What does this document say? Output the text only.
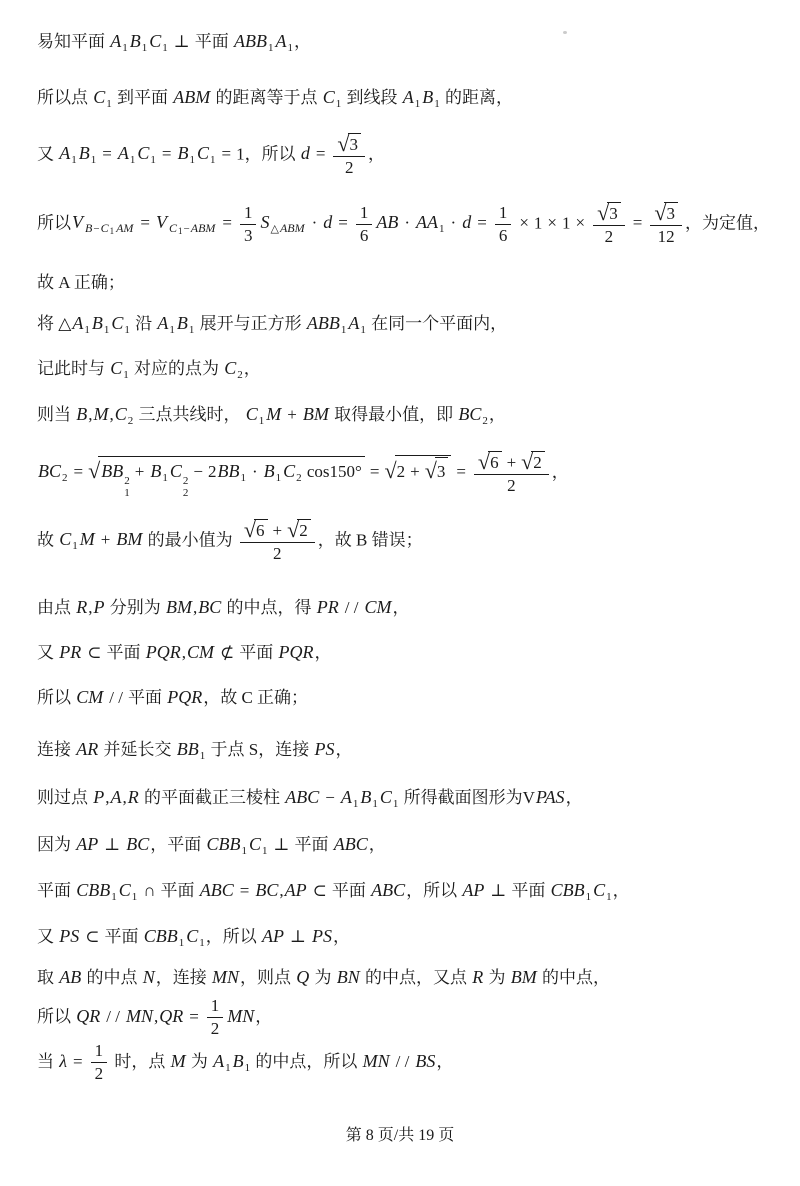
易知平面 $A_1$ $B_1$ $C_1$ ⊥ 平面 $ABB_1$ $A_1$，
所以点 $C_1$ 到平面 ABM 的距离等于点 $C_1$ 到线段 $A_1$ $B_1$ 的距离，
又 $A_1$ $B_1 = A_1$ $C_1 = B_1$ $C_1 = 1$，所以 $d = \frac{√3}{2}$ ，
所以V $_{B-C1 AM}$ = V $_{C1-ABM} = \frac{1}{3} S_{\triangle ABM} \cdot d = \frac{1}{6}$ AB · $AA_1 \cdot d = \frac{1}{6} \times 1 \times 1 \times \frac{√3}{2} = \frac{√3}{12}$ ，为定值，
故 A 正确；
将 $\triangle A_1$ $B_1$ $C_1$ 沿 $A_1$ $B_1$ 展开与正方形 $ABB_1$ $A_1$ 在同一个平面内，
记此时与 $C_1$ 对应的点为 $C_2$，
则当 $B,M,C_2$ 三点共线时， $C_1$ M + BM 取得最小值，即 $BC_2$，
$BC_2 = √BB$ 2
1
+ $B_1$ C 2
2
− $2BB_1 \cdot B_1$ $C_2$ $\cos 150^\circ = √2 + √3 = \frac{√6 + √2}{2}$ ，
故 $C_1$ M + BM 的最小值为 $\frac{√6 + √2}{2}$ ，故 B 错误；
由点 R,P 分别为 BM,BC 的中点，得 PR / / CM，
又 PR ⊂ 平面 PQR,CM ⊄ 平面 PQR，
所以 CM / / 平面 PQR，故 C 正确；
连接 AR 并延长交 $BB_1$ 于点 S，连接 PS，
则过点 P,A,R 的平面截正三棱柱 ABC − $A_1$ $B_1$ $C_1$ 所得截面图形为VPAS，
因为 AP ⊥ BC，平面 $CBB_1$ $C_1$ ⊥ 平面 ABC，
平面 $CBB_1$ $C_1$ ∩ 平面 ABC = BC,AP ⊂ 平面 ABC，所以 AP ⊥ 平面 $CBB_1$ $C_1$，
又 PS ⊂ 平面 $CBB_1$ $C_1$，所以 AP ⊥ PS，
取 AB 的中点 N，连接 MN，则点 Q 为 BN 的中点，又点 R 为 BM 的中点，
所以 QR / / $MN,QR = \frac{1}{2}$ MN，
当 $\lambda = \frac{1}{2}$ 时，点 M 为 $A_1$ $B_1$ 的中点，所以 MN / / BS，
第 8 页/共 19 页
